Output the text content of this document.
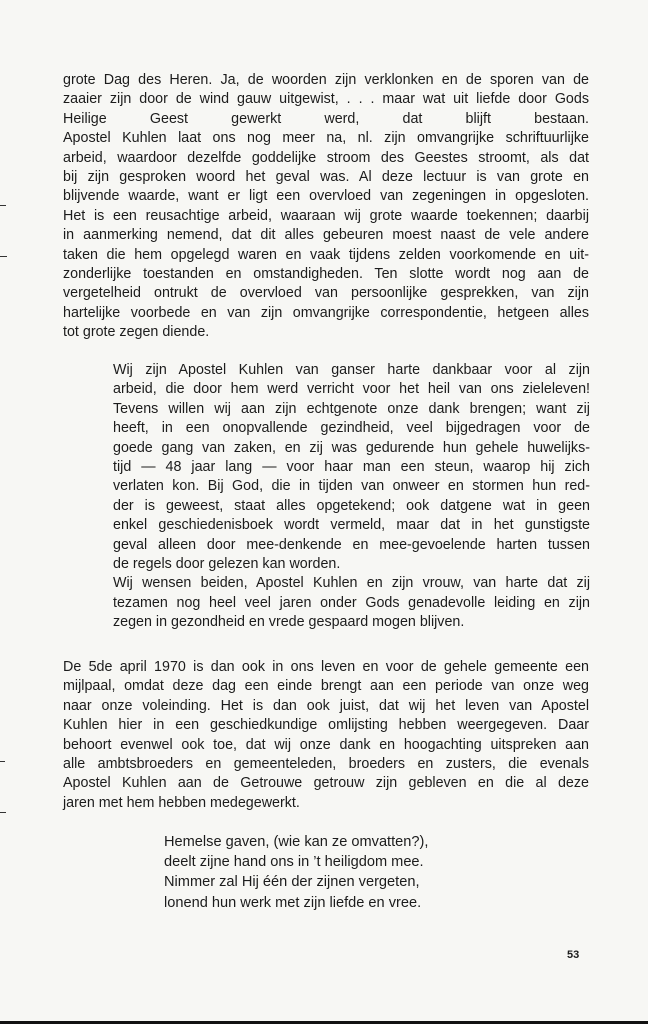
grote Dag des Heren. Ja, de woorden zijn verklonken en de sporen van de
zaaier zijn door de wind gauw uitgewist, . . . maar wat uit liefde door Gods
Heilige Geest gewerkt werd, dat blijft bestaan.
Apostel Kuhlen laat ons nog meer na, nl. zijn omvangrijke schriftuurlijke
arbeid, waardoor dezelfde goddelijke stroom des Geestes stroomt, als dat
bij zijn gesproken woord het geval was. Al deze lectuur is van grote en
blijvende waarde, want er ligt een overvloed van zegeningen in opgesloten.
Het is een reusachtige arbeid, waaraan wij grote waarde toekennen; daarbij
in aanmerking nemend, dat dit alles gebeuren moest naast de vele andere
taken die hem opgelegd waren en vaak tijdens zelden voorkomende en uit-
zonderlijke toestanden en omstandigheden. Ten slotte wordt nog aan de
vergetelheid ontrukt de overvloed van persoonlijke gesprekken, van zijn
hartelijke voorbede en van zijn omvangrijke correspondentie, hetgeen alles
tot grote zegen diende.
Wij zijn Apostel Kuhlen van ganser harte dankbaar voor al zijn
arbeid, die door hem werd verricht voor het heil van ons zieleleven!
Tevens willen wij aan zijn echtgenote onze dank brengen; want zij
heeft, in een onopvallende gezindheid, veel bijgedragen voor de
goede gang van zaken, en zij was gedurende hun gehele huwelijks-
tijd — 48 jaar lang — voor haar man een steun, waarop hij zich
verlaten kon. Bij God, die in tijden van onweer en stormen hun red-
der is geweest, staat alles opgetekend; ook datgene wat in geen
enkel geschiedenisboek wordt vermeld, maar dat in het gunstigste
geval alleen door mee-denkende en mee-gevoelende harten tussen
de regels door gelezen kan worden.
Wij wensen beiden, Apostel Kuhlen en zijn vrouw, van harte dat zij
tezamen nog heel veel jaren onder Gods genadevolle leiding en zijn
zegen in gezondheid en vrede gespaard mogen blijven.
De 5de april 1970 is dan ook in ons leven en voor de gehele gemeente een
mijlpaal, omdat deze dag een einde brengt aan een periode van onze weg
naar onze voleinding. Het is dan ook juist, dat wij het leven van Apostel
Kuhlen hier in een geschiedkundige omlijsting hebben weergegeven. Daar
behoort evenwel ook toe, dat wij onze dank en hoogachting uitspreken aan
alle ambtsbroeders en gemeenteleden, broeders en zusters, die evenals
Apostel Kuhlen aan de Getrouwe getrouw zijn gebleven en die al deze
jaren met hem hebben medegewerkt.
Hemelse gaven, (wie kan ze omvatten?),
deelt zijne hand ons in ’t heiligdom mee.
Nimmer zal Hij één der zijnen vergeten,
lonend hun werk met zijn liefde en vree.
53
